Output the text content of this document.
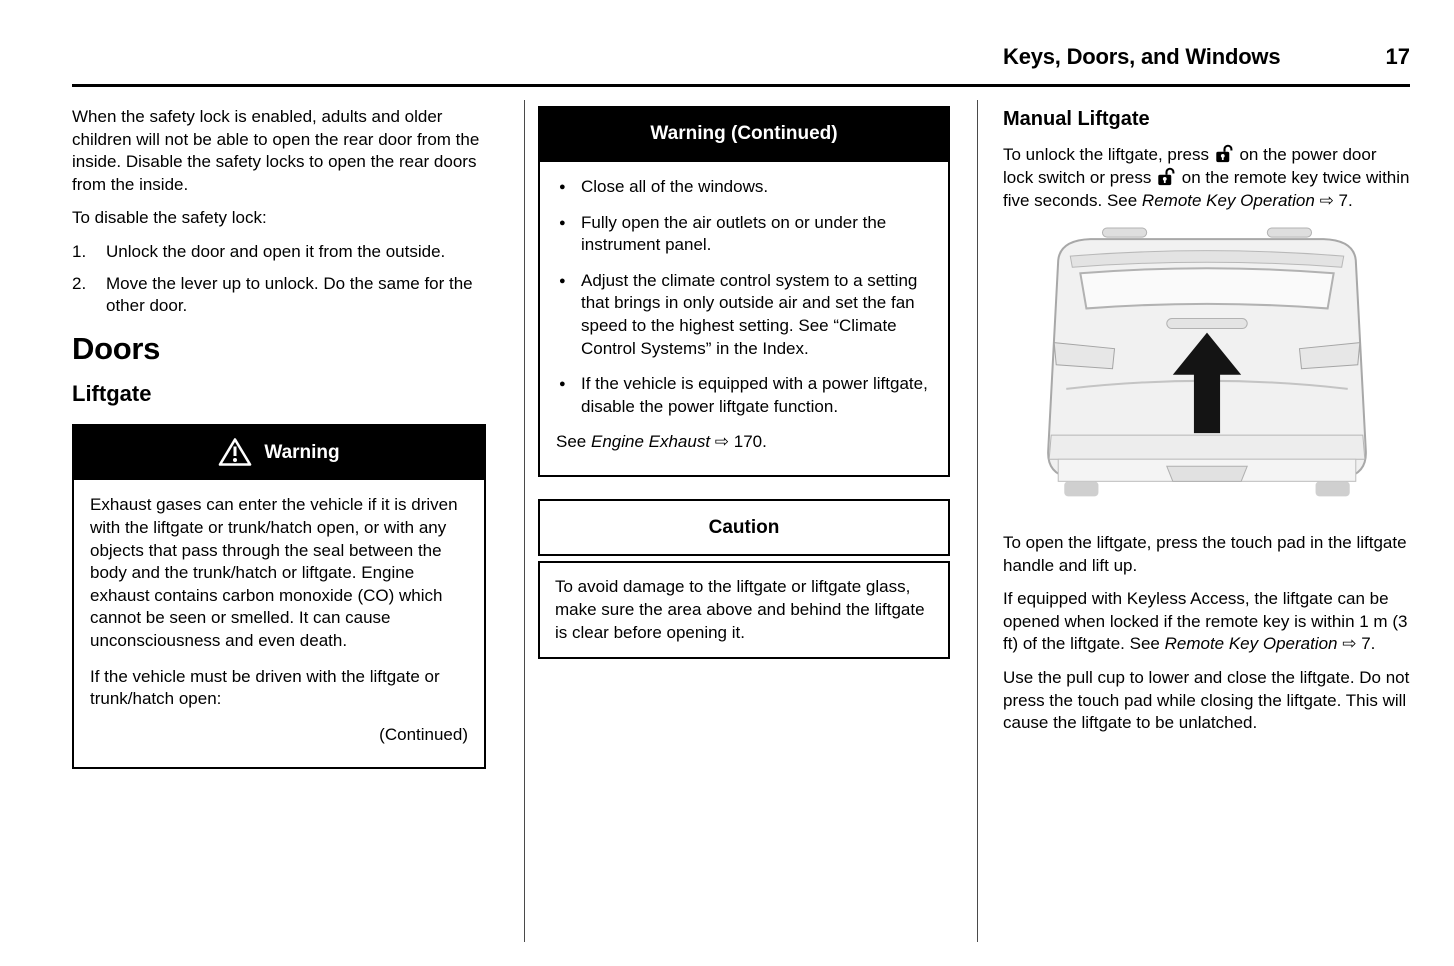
Keys, Doors, and Windows	17

When the safety lock is enabled, adults and older children will not be able to open the rear door from the inside. Disable the safety locks to open the rear doors from the inside.

To disable the safety lock:

1.	Unlock the door and open it from the outside.
2.	Move the lever up to unlock. Do the same for the other door.
Doors
Liftgate
Warning

Exhaust gases can enter the vehicle if it is driven with the liftgate or trunk/hatch open, or with any objects that pass through the seal between the body and the trunk/hatch or liftgate. Engine exhaust contains carbon monoxide (CO) which cannot be seen or smelled. It can cause unconsciousness and even death.

If the vehicle must be driven with the liftgate or trunk/hatch open:

(Continued)

Warning (Continued)
● Close all of the windows.
● Fully open the air outlets on or under the instrument panel.
● Adjust the climate control system to a setting that brings in only outside air and set the fan speed to the highest setting. See “Climate Control Systems” in the Index.
● If the vehicle is equipped with a power liftgate, disable the power liftgate function.

See Engine Exhaust ⇨ 170.

Caution
To avoid damage to the liftgate or liftgate glass, make sure the area above and behind the liftgate is clear before opening it.
Manual Liftgate

To unlock the liftgate, press  on the power door lock switch or press  on the remote key twice within five seconds. See Remote Key Operation ⇨ 7.

To open the liftgate, press the touch pad in the liftgate handle and lift up.

If equipped with Keyless Access, the liftgate can be opened when locked if the remote key is within 1 m (3 ft) of the liftgate. See Remote Key Operation ⇨ 7.

Use the pull cup to lower and close the liftgate. Do not press the touch pad while closing the liftgate. This will cause the liftgate to be unlatched.
